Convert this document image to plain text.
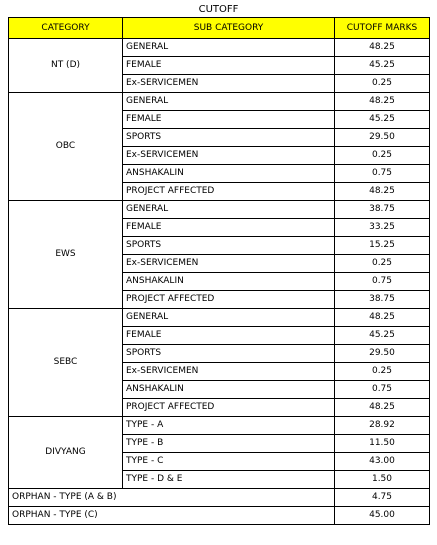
CUTOFF
CATEGORY	SUB CATEGORY	CUTOFF MARKS
NT (D)	GENERAL	48.25
	FEMALE	45.25
	Ex-SERVICEMEN	0.25
OBC	GENERAL	48.25
	FEMALE	45.25
	SPORTS	29.50
	Ex-SERVICEMEN	0.25
	ANSHAKALIN	0.75
	PROJECT AFFECTED	48.25
EWS	GENERAL	38.75
	FEMALE	33.25
	SPORTS	15.25
	Ex-SERVICEMEN	0.25
	ANSHAKALIN	0.75
	PROJECT AFFECTED	38.75
SEBC	GENERAL	48.25
	FEMALE	45.25
	SPORTS	29.50
	Ex-SERVICEMEN	0.25
	ANSHAKALIN	0.75
	PROJECT AFFECTED	48.25
DIVYANG	TYPE - A	28.92
	TYPE - B	11.50
	TYPE - C	43.00
	TYPE - D & E	1.50
ORPHAN - TYPE (A & B)		4.75
ORPHAN - TYPE (C)		45.00
